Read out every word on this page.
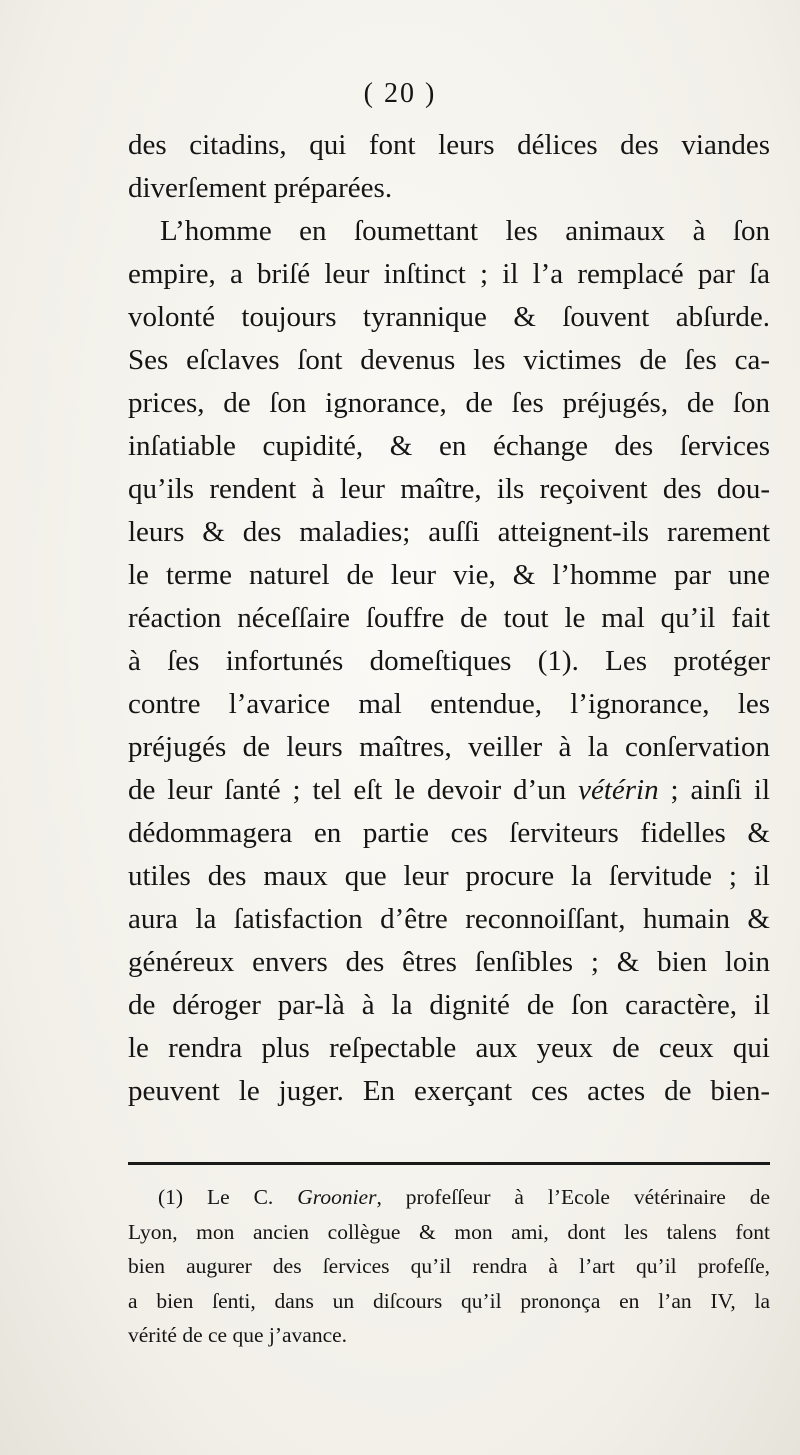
( 20 )
des citadins, qui font leurs délices des viandes
diverſement préparées.
L’homme en ſoumettant les animaux à ſon
empire, a briſé leur inſtinct ; il l’a remplacé par ſa
volonté toujours tyrannique & ſouvent abſurde.
Ses eſclaves ſont devenus les victimes de ſes ca-
prices, de ſon ignorance, de ſes préjugés, de ſon
inſatiable cupidité, & en échange des ſervices
qu’ils rendent à leur maître, ils reçoivent des dou-
leurs & des maladies; auſſi atteignent-ils rarement
le terme naturel de leur vie, & l’homme par une
réaction néceſſaire ſouffre de tout le mal qu’il fait
à ſes infortunés domeſtiques (1). Les protéger
contre l’avarice mal entendue, l’ignorance, les
préjugés de leurs maîtres, veiller à la conſervation
de leur ſanté ; tel eſt le devoir d’un vétérin ; ainſi il
dédommagera en partie ces ſerviteurs fidelles &
utiles des maux que leur procure la ſervitude ; il
aura la ſatisfaction d’être reconnoiſſant, humain &
généreux envers des êtres ſenſibles ; & bien loin
de déroger par-là à la dignité de ſon caractère, il
le rendra plus reſpectable aux yeux de ceux qui
peuvent le juger. En exerçant ces actes de bien-
(1) Le C. Groonier, profeſſeur à l’Ecole vétérinaire de
Lyon, mon ancien collègue & mon ami, dont les talens font
bien augurer des ſervices qu’il rendra à l’art qu’il profeſſe,
a bien ſenti, dans un diſcours qu’il prononça en l’an IV, la
vérité de ce que j’avance.
